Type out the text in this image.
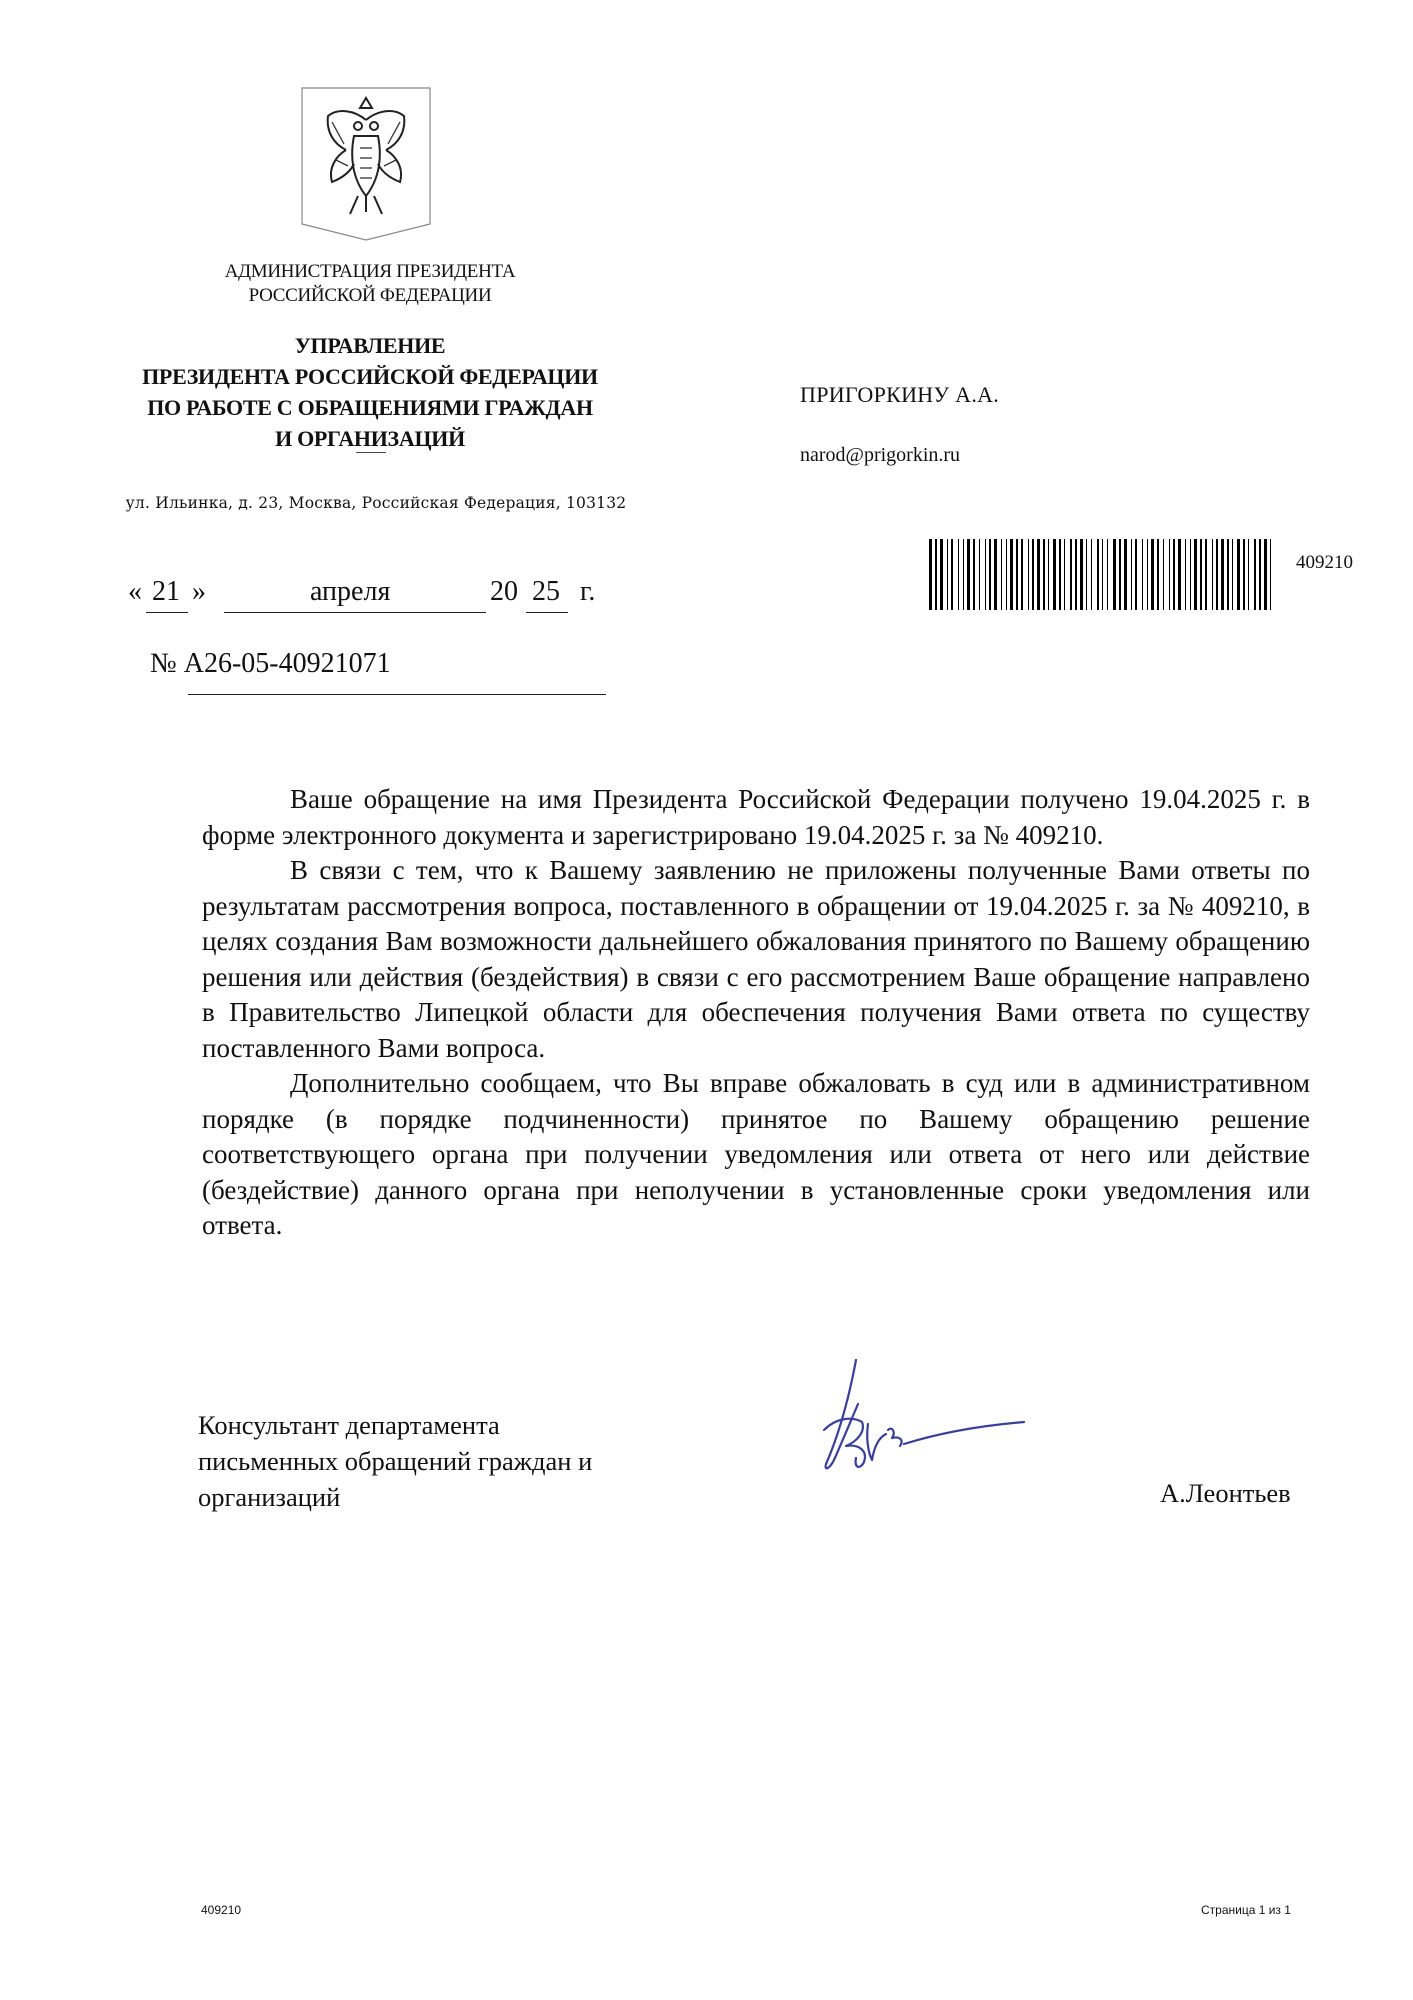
АДМИНИСТРАЦИЯ ПРЕЗИДЕНТА
РОССИЙСКОЙ ФЕДЕРАЦИИ
УПРАВЛЕНИЕ
ПРЕЗИДЕНТА РОССИЙСКОЙ ФЕДЕРАЦИИ
ПО РАБОТЕ С ОБРАЩЕНИЯМИ ГРАЖДАН
И ОРГАНИЗАЦИЙ
ул. Ильинка, д. 23, Москва, Российская Федерация, 103132
« 21 »	апреля	20 25 г.
№ А26-05-40921071
ПРИГОРКИНУ А.А.
narod@prigorkin.ru
409210

Ваше обращение на имя Президента Российской Федерации получено 19.04.2025 г. в форме электронного документа и зарегистрировано 19.04.2025 г. за № 409210.

В связи с тем, что к Вашему заявлению не приложены полученные Вами ответы по результатам рассмотрения вопроса, поставленного в обращении от 19.04.2025 г. за № 409210, в целях создания Вам возможности дальнейшего обжалования принятого по Вашему обращению решения или действия (бездействия) в связи с его рассмотрением Ваше обращение направлено в Правительство Липецкой области для обеспечения получения Вами ответа по существу поставленного Вами вопроса.

Дополнительно сообщаем, что Вы вправе обжаловать в суд или в административном порядке (в порядке подчиненности) принятое по Вашему обращению решение соответствующего органа при получении уведомления или ответа от него или действие (бездействие) данного органа при неполучении в установленные сроки уведомления или ответа.

Консультант департамента
письменных обращений граждан и
организаций	А.Леонтьев
409210	Страница 1 из 1
